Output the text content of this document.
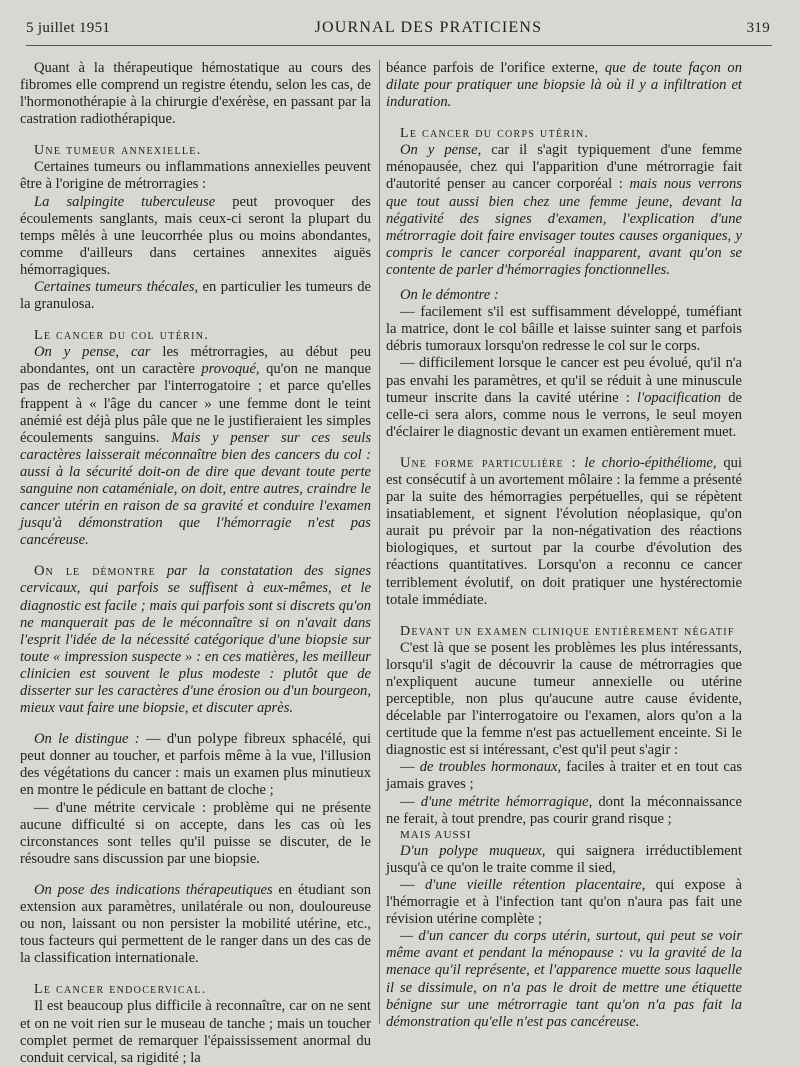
5 juillet 1951	JOURNAL DES PRATICIENS	319

Quant à la thérapeutique hémostatique au cours des fibromes elle comprend un registre étendu, selon les cas, de l'hormonothérapie à la chirurgie d'exérèse, en passant par la castration radiothérapique.

Une tumeur annexielle.

Certaines tumeurs ou inflammations annexielles peuvent être à l'origine de métrorragies :

La salpingite tuberculeuse peut provoquer des écoulements sanglants, mais ceux-ci seront la plupart du temps mêlés à une leucorrhée plus ou moins abondantes, comme d'ailleurs dans certaines annexites aiguës hémorragiques.

Certaines tumeurs thécales, en particulier les tumeurs de la granulosa.

Le cancer du col utérin.

On y pense, car les métrorragies, au début peu abondantes, ont un caractère provoqué, qu'on ne manque pas de rechercher par l'interrogatoire ; et parce qu'elles frappent à « l'âge du cancer » une femme dont le teint anémié est déjà plus pâle que ne le justifieraient les simples écoulements sanguins. Mais y penser sur ces seuls caractères laisserait méconnaître bien des cancers du col : aussi à la sécurité doit-on de dire que devant toute perte sanguine non cataméniale, on doit, entre autres, craindre le cancer utérin en raison de sa gravité et conduire l'examen jusqu'à démonstration que l'hémorragie n'est pas cancéreuse.

On le démontre par la constatation des signes cervicaux, qui parfois se suffisent à eux-mêmes, et le diagnostic est facile ; mais qui parfois sont si discrets qu'on ne manquerait pas de le méconnaître si on n'avait dans l'esprit l'idée de la nécessité catégorique d'une biopsie sur toute « impression suspecte » : en ces matières, les meilleur clinicien est souvent le plus modeste : plutôt que de disserter sur les caractères d'une érosion ou d'un bourgeon, mieux vaut faire une biopsie, et discuter après.

On le distingue : — d'un polype fibreux sphacélé, qui peut donner au toucher, et parfois même à la vue, l'illusion des végétations du cancer : mais un examen plus minutieux en montre le pédicule en battant de cloche ;

— d'une métrite cervicale : problème qui ne présente aucune difficulté si on accepte, dans les cas où les circonstances sont telles qu'il puisse se discuter, de le résoudre sans discussion par une biopsie.

On pose des indications thérapeutiques en étudiant son extension aux paramètres, unilatérale ou non, douloureuse ou non, laissant ou non persister la mobilité utérine, etc., tous facteurs qui permettent de le ranger dans un des cas de la classification internationale.

Le cancer endocervical.

Il est beaucoup plus difficile à reconnaître, car on ne sent et on ne voit rien sur le museau de tanche ; mais un toucher complet permet de remarquer l'épaississement anormal du conduit cervical, sa rigidité ; la

béance parfois de l'orifice externe, que de toute façon on dilate pour pratiquer une biopsie là où il y a infiltration et induration.

Le cancer du corps utérin.

On y pense, car il s'agit typiquement d'une femme ménopausée, chez qui l'apparition d'une métrorragie fait d'autorité penser au cancer corporéal : mais nous verrons que tout aussi bien chez une femme jeune, devant la négativité des signes d'examen, l'explication d'une métrorragie doit faire envisager toutes causes organiques, y compris le cancer corporéal inapparent, avant qu'on se contente de parler d'hémorragies fonctionnelles.

On le démontre :

— facilement s'il est suffisamment développé, tuméfiant la matrice, dont le col bâille et laisse suinter sang et parfois débris tumoraux lorsqu'on redresse le col sur le corps.

— difficilement lorsque le cancer est peu évolué, qu'il n'a pas envahi les paramètres, et qu'il se réduit à une minuscule tumeur inscrite dans la cavité utérine : l'opacification de celle-ci sera alors, comme nous le verrons, le seul moyen d'éclairer le diagnostic devant un examen entièrement muet.

Une forme particulière : le chorio-épithéliome, qui est consécutif à un avortement môlaire : la femme a présenté par la suite des hémorragies perpétuelles, qui se répètent insatiablement, et signent l'évolution néoplasique, qu'on aurait pu prévoir par la non-négativation des réactions biologiques, et surtout par la courbe d'évolution des réactions quantitatives. Lorsqu'on a reconnu ce cancer terriblement évolutif, on doit pratiquer une hystérectomie totale immédiate.

Devant un examen clinique entièrement négatif

C'est là que se posent les problèmes les plus intéressants, lorsqu'il s'agit de découvrir la cause de métrorragies que n'expliquent aucune tumeur annexielle ou utérine perceptible, non plus qu'aucune autre cause évidente, décelable par l'interrogatoire ou l'examen, alors qu'on a la certitude que la femme n'est pas actuellement enceinte. Si le diagnostic est si intéressant, c'est qu'il peut s'agir :

— de troubles hormonaux, faciles à traiter et en tout cas jamais graves ;

— d'une métrite hémorragique, dont la méconnaissance ne ferait, à tout prendre, pas courir grand risque ;

MAIS AUSSI

D'un polype muqueux, qui saignera irréductiblement jusqu'à ce qu'on le traite comme il sied,

— d'une vieille rétention placentaire, qui expose à l'hémorragie et à l'infection tant qu'on n'aura pas fait une révision utérine complète ;

— d'un cancer du corps utérin, surtout, qui peut se voir même avant et pendant la ménopause : vu la gravité de la menace qu'il représente, et l'apparence muette sous laquelle il se dissimule, on n'a pas le droit de mettre une étiquette bénigne sur une métrorragie tant qu'on n'a pas fait la démonstration qu'elle n'est pas cancéreuse.
